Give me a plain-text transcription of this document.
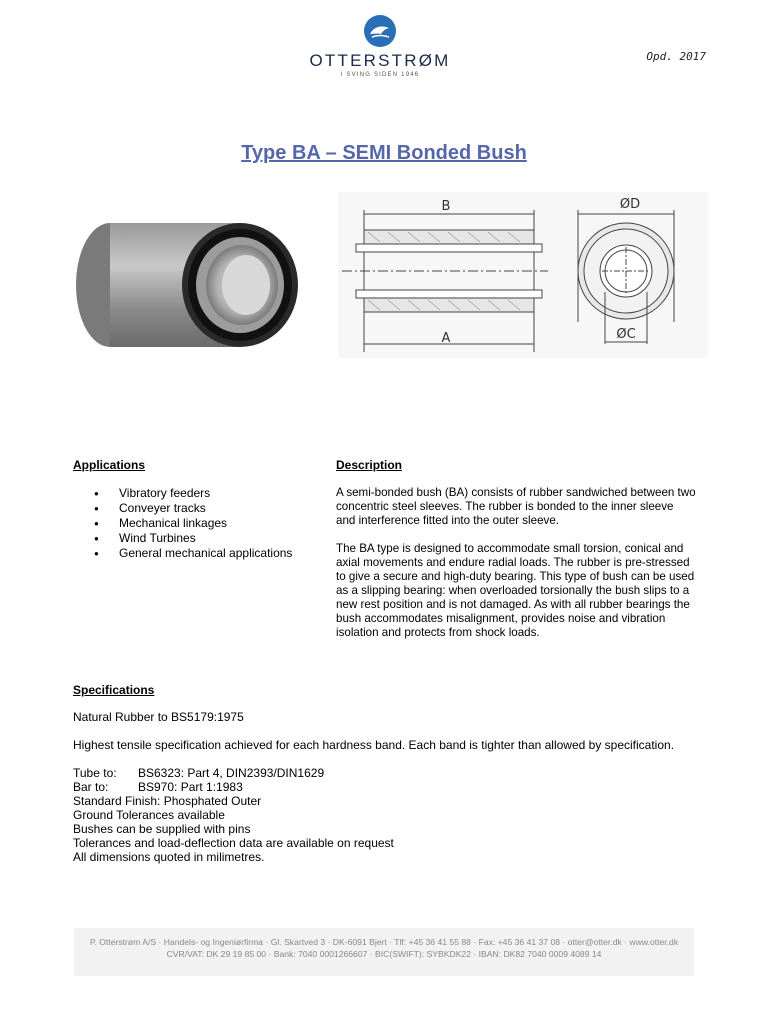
OTTERSTRØM
I SVING SIDEN 1946
Opd. 2017
Type BA – SEMI Bonded Bush
B
A
ØD
ØC
Applications
● Vibratory feeders
● Conveyer tracks
● Mechanical linkages
● Wind Turbines
● General mechanical applications
Description

A semi-bonded bush (BA) consists of rubber sandwiched between two concentric steel sleeves. The rubber is bonded to the inner sleeve and interference fitted into the outer sleeve.

The BA type is designed to accommodate small torsion, conical and axial movements and endure radial loads. The rubber is pre-stressed to give a secure and high-duty bearing. This type of bush can be used as a slipping bearing: when overloaded torsionally the bush slips to a new rest position and is not damaged. As with all rubber bearings the bush accommodates misalignment, provides noise and vibration isolation and protects from shock loads.

Specifications

Natural Rubber to BS5179:1975

Highest tensile specification achieved for each hardness band. Each band is tighter than allowed by specification.

Tube to: BS6323: Part 4, DIN2393/DIN1629
Bar to: BS970: Part 1:1983
Standard Finish: Phosphated Outer
Ground Tolerances available
Bushes can be supplied with pins
Tolerances and load-deflection data are available on request
All dimensions quoted in milimetres.
P. Otterstrøm A/S · Handels- og Ingeniørfirma · Gl. Skartved 3 · DK-6091 Bjert · Tlf: +45 36 41 55 88 · Fax: +45 36 41 37 08 · otter@otter.dk · www.otter.dk
CVR/VAT: DK 29 19 85 00 · Bank: 7040 0001266607 · BIC(SWIFT): SYBKDK22 · IBAN: DK82 7040 0009 4089 14
